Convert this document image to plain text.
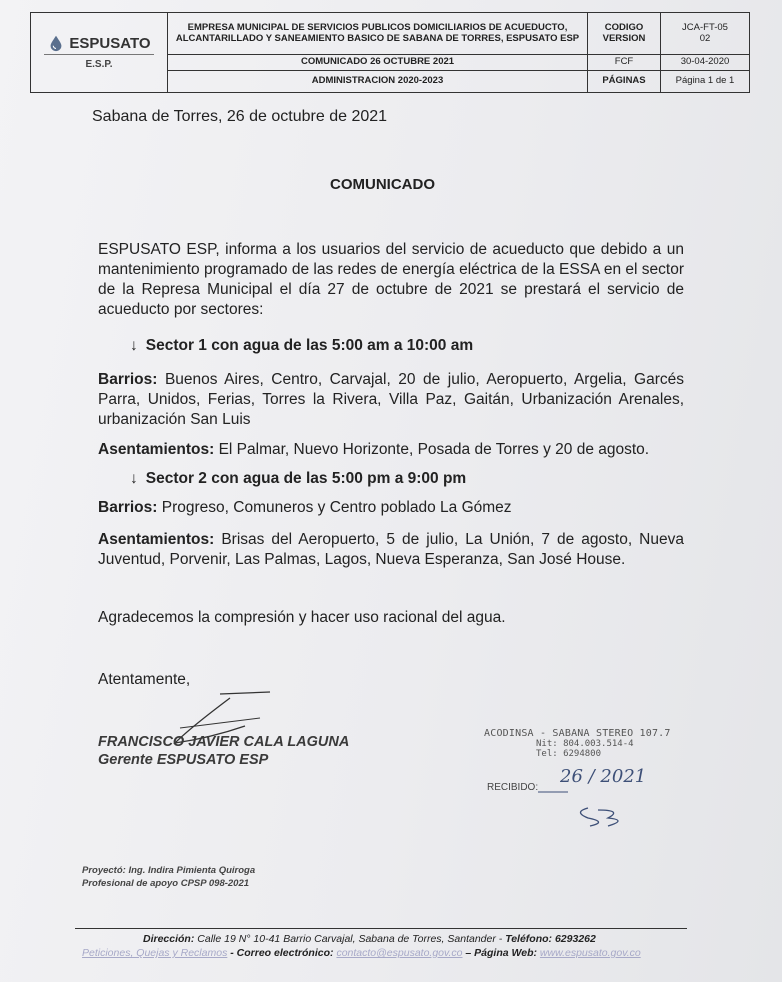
ESPUSATO
E.S.P.
EMPRESA MUNICIPAL DE SERVICIOS PUBLICOS DOMICILIARIOS DE ACUEDUCTO, ALCANTARILLADO Y SANEAMIENTO BASICO DE SABANA DE TORRES, ESPUSATO ESP
COMUNICADO 26 OCTUBRE 2021
ADMINISTRACION 2020-2023
CODIGO
VERSION
JCA-FT-05
02
FCF	30-04-2020
PÁGINAS	Página 1 de 1
Sabana de Torres, 26 de octubre de 2021
COMUNICADO
ESPUSATO ESP, informa a los usuarios del servicio de acueducto que debido a un mantenimiento programado de las redes de energía eléctrica de la ESSA en el sector de la Represa Municipal el día 27 de octubre de 2021 se prestará el servicio de acueducto por sectores:
↓ Sector 1 con agua de las 5:00 am a 10:00 am
Barrios: Buenos Aires, Centro, Carvajal, 20 de julio, Aeropuerto, Argelia, Garcés Parra, Unidos, Ferias, Torres la Rivera, Villa Paz, Gaitán, Urbanización Arenales, urbanización San Luis
Asentamientos: El Palmar, Nuevo Horizonte, Posada de Torres y 20 de agosto.
↓ Sector 2 con agua de las 5:00 pm a 9:00 pm
Barrios: Progreso, Comuneros y Centro poblado La Gómez
Asentamientos: Brisas del Aeropuerto, 5 de julio, La Unión, 7 de agosto, Nueva Juventud, Porvenir, Las Palmas, Lagos, Nueva Esperanza, San José House.
Agradecemos la compresión y hacer uso racional del agua.
Atentamente,
FRANCISCO JAVIER CALA LAGUNA
Gerente ESPUSATO ESP
ACODINSA - SABANA STEREO 107.7
Nit: 804.003.514-4
Tel: 6294800
RECIBIDO:
26 / 2021
Proyectó: Ing. Indira Pimienta Quiroga
Profesional de apoyo CPSP 098-2021
Dirección: Calle 19 N° 10-41 Barrio Carvajal, Sabana de Torres, Santander - Teléfono: 6293262
Peticiones, Quejas y Reclamos - Correo electrónico: contacto@espusato.gov.co – Página Web: www.espusato.gov.co
